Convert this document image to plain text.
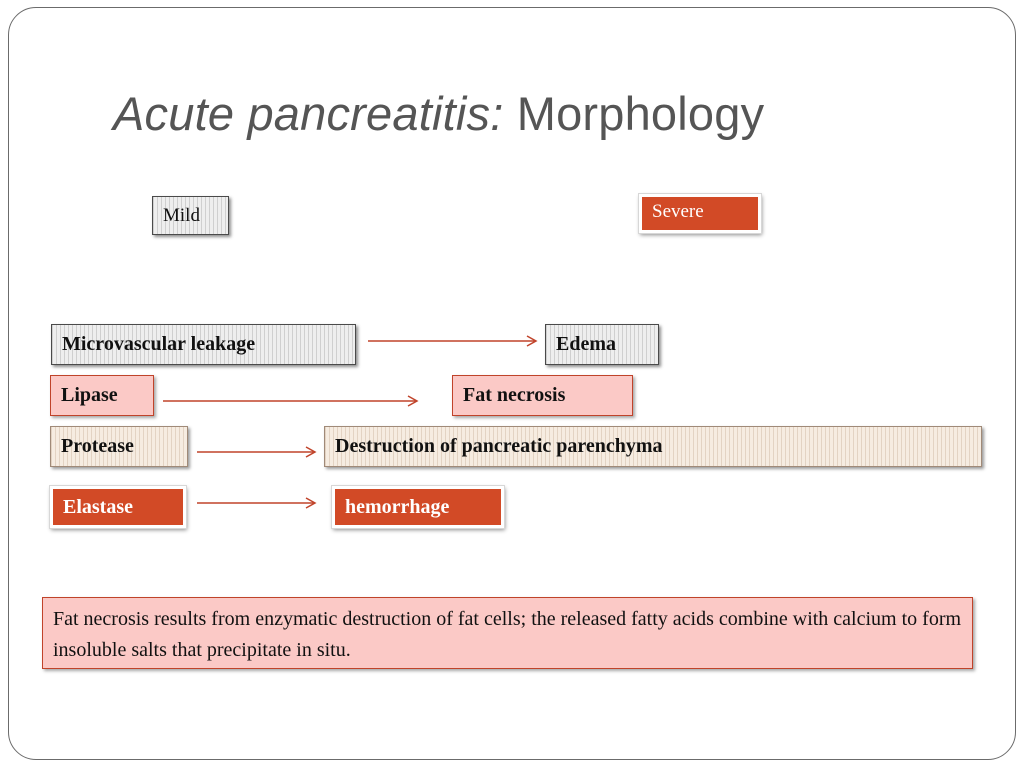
Acute pancreatitis: Morphology
Mild	Severe
Microvascular leakage	Edema
Lipase	Fat necrosis
Protease	Destruction of pancreatic parenchyma
Elastase	hemorrhage
Fat necrosis results from enzymatic destruction of fat cells; the released fatty acids combine with calcium to form insoluble salts that precipitate in situ.
